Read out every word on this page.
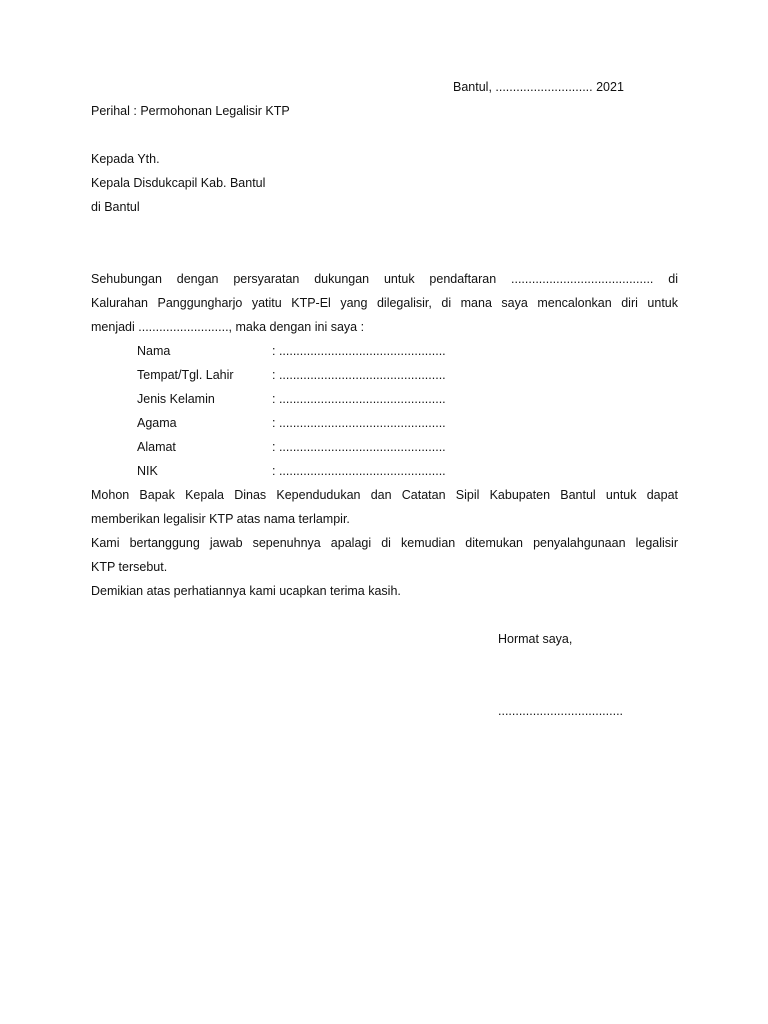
Bantul, ............................ 2021
Perihal : Permohonan Legalisir KTP
Kepada Yth.
Kepala Disdukcapil Kab. Bantul
di Bantul
Sehubungan dengan persyaratan dukungan untuk pendaftaran ......................................... di
Kalurahan Panggungharjo yatitu KTP-El yang dilegalisir, di mana saya mencalonkan diri untuk
menjadi .........................., maka dengan ini saya :
Nama	: ................................................
Tempat/Tgl. Lahir	: ................................................
Jenis Kelamin	: ................................................
Agama	: ................................................
Alamat	: ................................................
NIK	: ................................................
Mohon Bapak Kepala Dinas Kependudukan dan Catatan Sipil Kabupaten Bantul untuk dapat
memberikan legalisir KTP atas nama terlampir.
Kami bertanggung jawab sepenuhnya apalagi di kemudian ditemukan penyalahgunaan legalisir
KTP tersebut.
Demikian atas perhatiannya kami ucapkan terima kasih.
Hormat saya,
....................................
